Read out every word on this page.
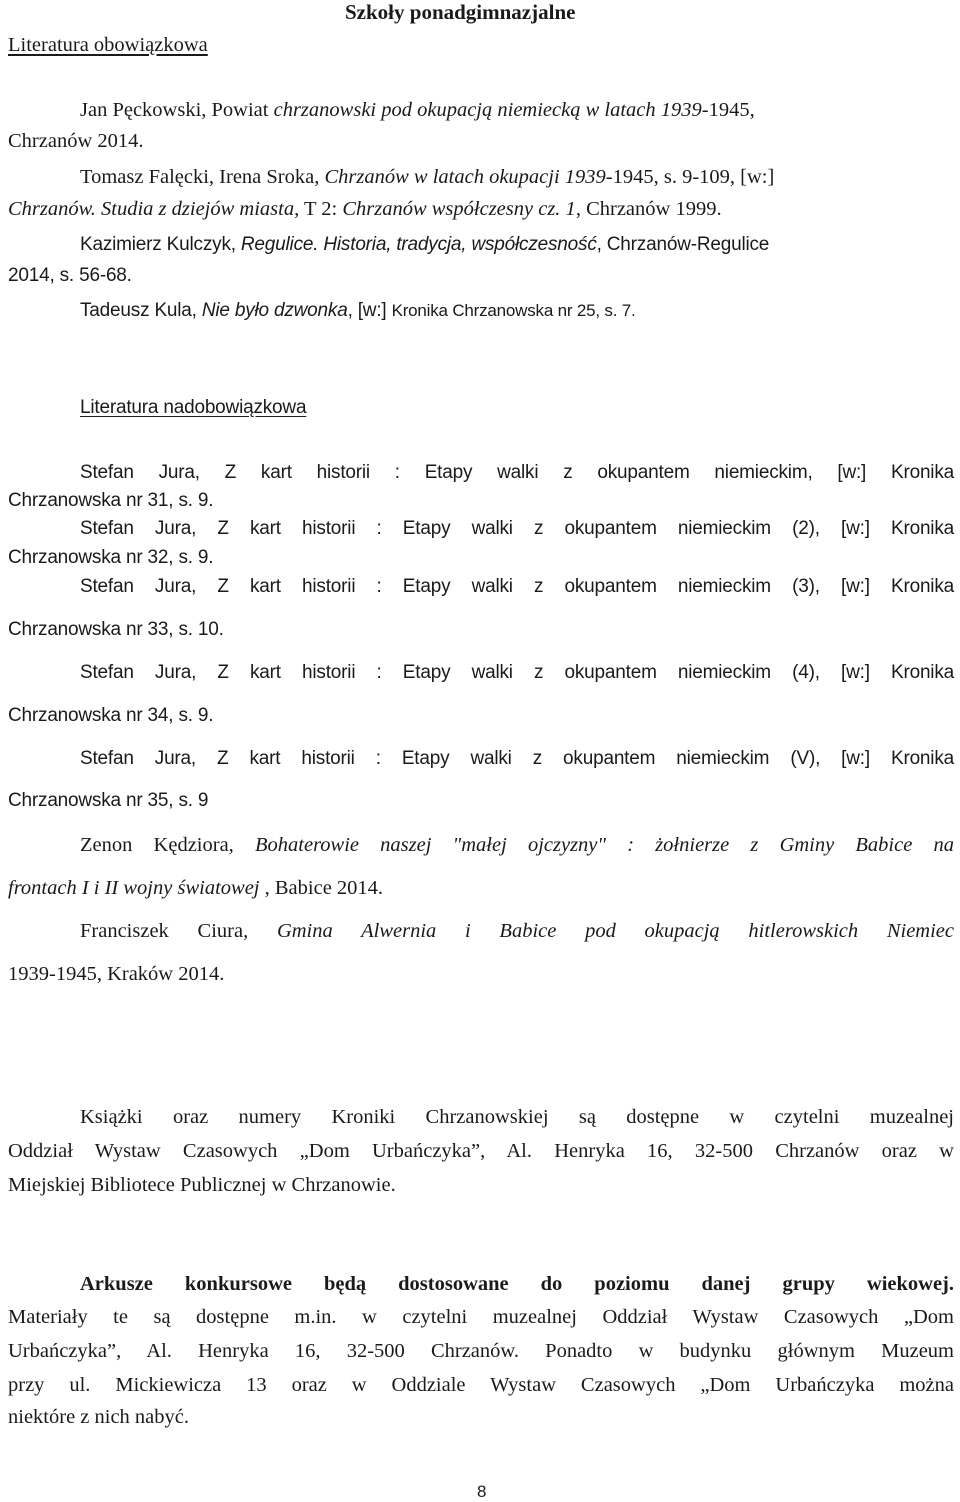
Szkoły ponadgimnazjalne
Literatura obowiązkowa
Jan Pęckowski, Powiat chrzanowski pod okupacją niemiecką w latach 1939-1945,
Chrzanów 2014.
Tomasz Falęcki, Irena Sroka, Chrzanów w latach okupacji 1939-1945, s. 9-109, [w:]
Chrzanów. Studia z dziejów miasta, T 2: Chrzanów współczesny cz. 1, Chrzanów 1999.
Kazimierz Kulczyk, Regulice. Historia, tradycja, współczesność, Chrzanów-Regulice
2014, s. 56-68.
Tadeusz Kula, Nie było dzwonka, [w:] Kronika Chrzanowska nr 25, s. 7.
Literatura nadobowiązkowa
Stefan Jura, Z kart historii : Etapy walki z okupantem niemieckim, [w:] Kronika
Chrzanowska nr 31, s. 9.
Stefan Jura, Z kart historii : Etapy walki z okupantem niemieckim (2), [w:] Kronika
Chrzanowska nr 32, s. 9.
Stefan Jura, Z kart historii : Etapy walki z okupantem niemieckim (3), [w:] Kronika
Chrzanowska nr 33, s. 10.
Stefan Jura, Z kart historii : Etapy walki z okupantem niemieckim (4), [w:] Kronika
Chrzanowska nr 34, s. 9.
Stefan Jura, Z kart historii : Etapy walki z okupantem niemieckim (V), [w:] Kronika
Chrzanowska nr 35, s. 9
Zenon Kędziora, Bohaterowie naszej "małej ojczyzny" : żołnierze z Gminy Babice na
frontach I i II wojny światowej , Babice 2014.
Franciszek Ciura, Gmina Alwernia i Babice pod okupacją hitlerowskich Niemiec
1939-1945, Kraków 2014.
Książki oraz numery Kroniki Chrzanowskiej są dostępne w czytelni muzealnej
Oddział Wystaw Czasowych „Dom Urbańczyka”, Al. Henryka 16, 32-500 Chrzanów oraz w
Miejskiej Bibliotece Publicznej w Chrzanowie.
Arkusze konkursowe będą dostosowane do poziomu danej grupy wiekowej.
Materiały te są dostępne m.in. w czytelni muzealnej Oddział Wystaw Czasowych „Dom
Urbańczyka”, Al. Henryka 16, 32-500 Chrzanów. Ponadto w budynku głównym Muzeum
przy ul. Mickiewicza 13 oraz w Oddziale Wystaw Czasowych „Dom Urbańczyka można
niektóre z nich nabyć.
8
